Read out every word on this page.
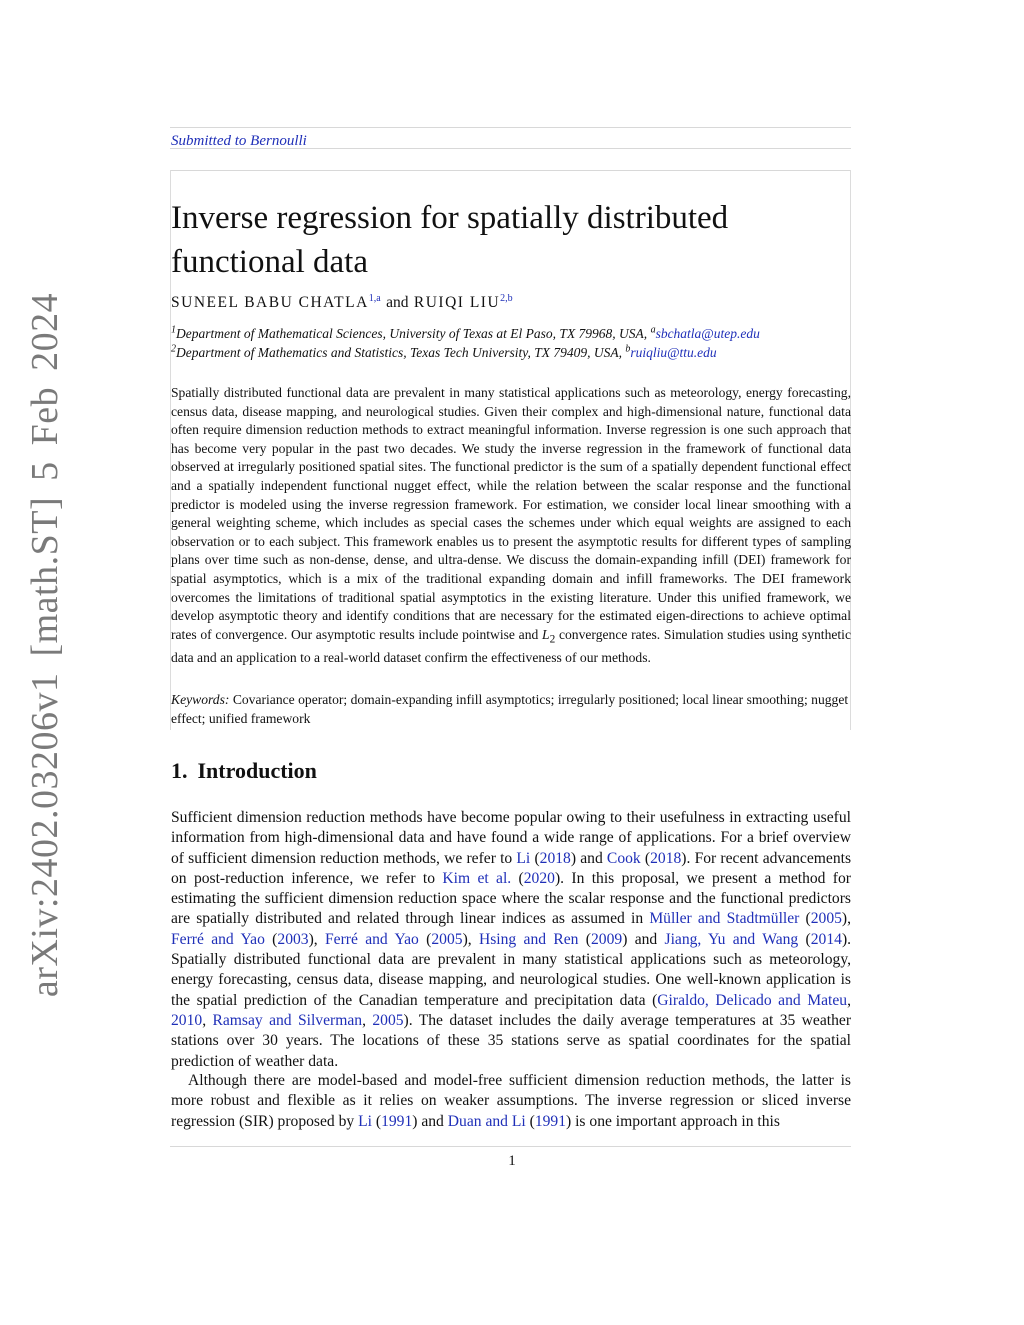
arXiv:2402.03206v1 [math.ST] 5 Feb 2024
Submitted to Bernoulli
Inverse regression for spatially distributed functional data
SUNEEL BABU CHATLA$^{1,a}$ and RUIQI LIU$^{2,b}$
$^1$Department of Mathematical Sciences, University of Texas at El Paso, TX 79968, USA, $^a$sbchatla@utep.edu
$^2$Department of Mathematics and Statistics, Texas Tech University, TX 79409, USA, $^b$ruiqliu@ttu.edu

Spatially distributed functional data are prevalent in many statistical applications such as meteorology, energy forecasting, census data, disease mapping, and neurological studies. Given their complex and high-dimensional nature, functional data often require dimension reduction methods to extract meaningful information. Inverse regression is one such approach that has become very popular in the past two decades. We study the inverse regression in the framework of functional data observed at irregularly positioned spatial sites. The functional predictor is the sum of a spatially dependent functional effect and a spatially independent functional nugget effect, while the relation between the scalar response and the functional predictor is modeled using the inverse regression framework. For estimation, we consider local linear smoothing with a general weighting scheme, which includes as special cases the schemes under which equal weights are assigned to each observation or to each subject. This framework enables us to present the asymptotic results for different types of sampling plans over time such as non-dense, dense, and ultra-dense. We discuss the domain-expanding infill (DEI) framework for spatial asymptotics, which is a mix of the traditional expanding domain and infill frameworks. The DEI framework overcomes the limitations of traditional spatial asymptotics in the existing literature. Under this unified framework, we develop asymptotic theory and identify conditions that are necessary for the estimated eigen-directions to achieve optimal rates of convergence. Our asymptotic results include pointwise and $L_2$ convergence rates. Simulation studies using synthetic data and an application to a real-world dataset confirm the effectiveness of our methods.

Keywords: Covariance operator; domain-expanding infill asymptotics; irregularly positioned; local linear smoothing; nugget effect; unified framework

1. Introduction

Sufficient dimension reduction methods have become popular owing to their usefulness in extracting useful information from high-dimensional data and have found a wide range of applications. For a brief overview of sufficient dimension reduction methods, we refer to Li (2018) and Cook (2018). For recent advancements on post-reduction inference, we refer to Kim et al. (2020). In this proposal, we present a method for estimating the sufficient dimension reduction space where the scalar response and the functional predictors are spatially distributed and related through linear indices as assumed in Müller and Stadtmüller (2005), Ferré and Yao (2003), Ferré and Yao (2005), Hsing and Ren (2009) and Jiang, Yu and Wang (2014). Spatially distributed functional data are prevalent in many statistical applications such as meteorology, energy forecasting, census data, disease mapping, and neurological studies. One well-known application is the spatial prediction of the Canadian temperature and precipitation data (Giraldo, Delicado and Mateu, 2010, Ramsay and Silverman, 2005). The dataset includes the daily average temperatures at 35 weather stations over 30 years. The locations of these 35 stations serve as spatial coordinates for the spatial prediction of weather data.

Although there are model-based and model-free sufficient dimension reduction methods, the latter is more robust and flexible as it relies on weaker assumptions. The inverse regression or sliced inverse regression (SIR) proposed by Li (1991) and Duan and Li (1991) is one important approach in this

1
